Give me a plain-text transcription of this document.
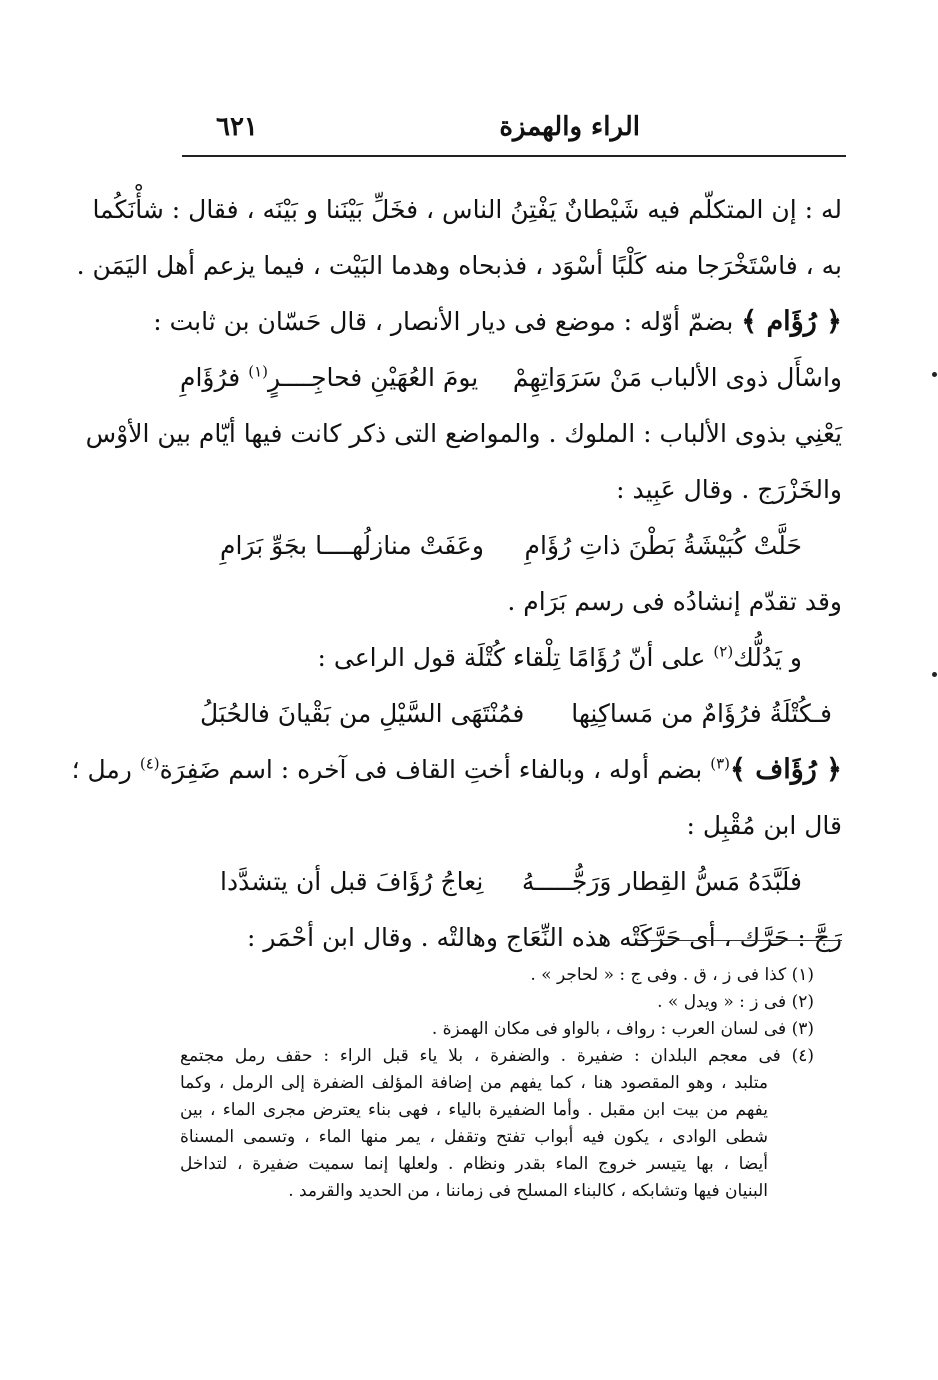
الراء والهمزة
٦٢١
له : إن المتكلّم فيه شَيْطانٌ يَفْتِنُ الناس ، فخَلِّ بَيْنَنا و بَيْنَه ، فقال : شأْنَكُما
به ، فاسْتَخْرَجا منه كَلْبًا أسْوَد ، فذبحاه وهدما البَيْت ، فيما يزعم أهل اليَمَن .
﴿ رُؤَام ﴾ بضمّ أوّله : موضع فى ديار الأنصار ، قال حَسّان بن ثابت :
واسْأَل ذوى الألباب مَنْ سَرَوَاتِهِمْ
يومَ العُهَيْنِ فحاجِــــرٍ$^{(١)}$ فرُؤَامِ
يَعْنِي بذوى الألباب : الملوك . والمواضع التى ذكر كانت فيها أيّام بين الأوْس
والخَزْرَج . وقال عَبِيد :
حَلَّتْ كُبَيْشَةُ بَطْنَ ذاتِ رُؤَامِ
وعَفَتْ منازلُهــــا بجَوِّ بَرَامِ
وقد تقدّم إنشادُه فى رسم بَرَام .
و يَدُلُّك$^{(٢)}$ على أنّ رُؤَامًا تِلْقاء كُتْلَة قول الراعى :
فـكُتْلَةُ فرُؤَامٌ من مَساكِنِها
فمُنْتَهَى السَّيْلِ من بَقْيانَ فالحُبَلُ
﴿ رُؤَاف ﴾$^{(٣)}$ بضم أوله ، وبالفاء أختِ القاف فى آخره : اسم ضَفِرَة$^{(٤)}$ رمل ؛
قال ابن مُقْبِل :
فلَبَّدَهُ مَسُّ القِطار وَرَجُّـــــهُ
نِعاجُ رُؤَافَ قبل أن يتشدَّدا
رَجَّ : حَرَّك ، أى حَرَّكَتْه هذه النِّعَاج وهالتْه . وقال ابن أحْمَر :
(١) كذا فى ز ، ق . وفى ج : « لحاجر » .
(٢) فى ز : « ويدل » .
(٣) فى لسان العرب : رواف ، بالواو فى مكان الهمزة .
(٤) فى معجم البلدان : ضفيرة . والضفرة ، بلا ياء قبل الراء : حقف رمل مجتمع
متلبد ، وهو المقصود هنا ، كما يفهم من إضافة المؤلف الضفرة إلى الرمل ، وكما
يفهم من بيت ابن مقبل . وأما الضفيرة بالياء ، فهى بناء يعترض مجرى الماء ، بين
شطى الوادى ، يكون فيه أبواب تفتح وتقفل ، يمر منها الماء ، وتسمى المسناة
أيضا ، بها يتيسر خروج الماء بقدر ونظام . ولعلها إنما سميت ضفيرة ، لتداخل
البنيان فيها وتشابكه ، كالبناء المسلح فى زماننا ، من الحديد والقرمد .
